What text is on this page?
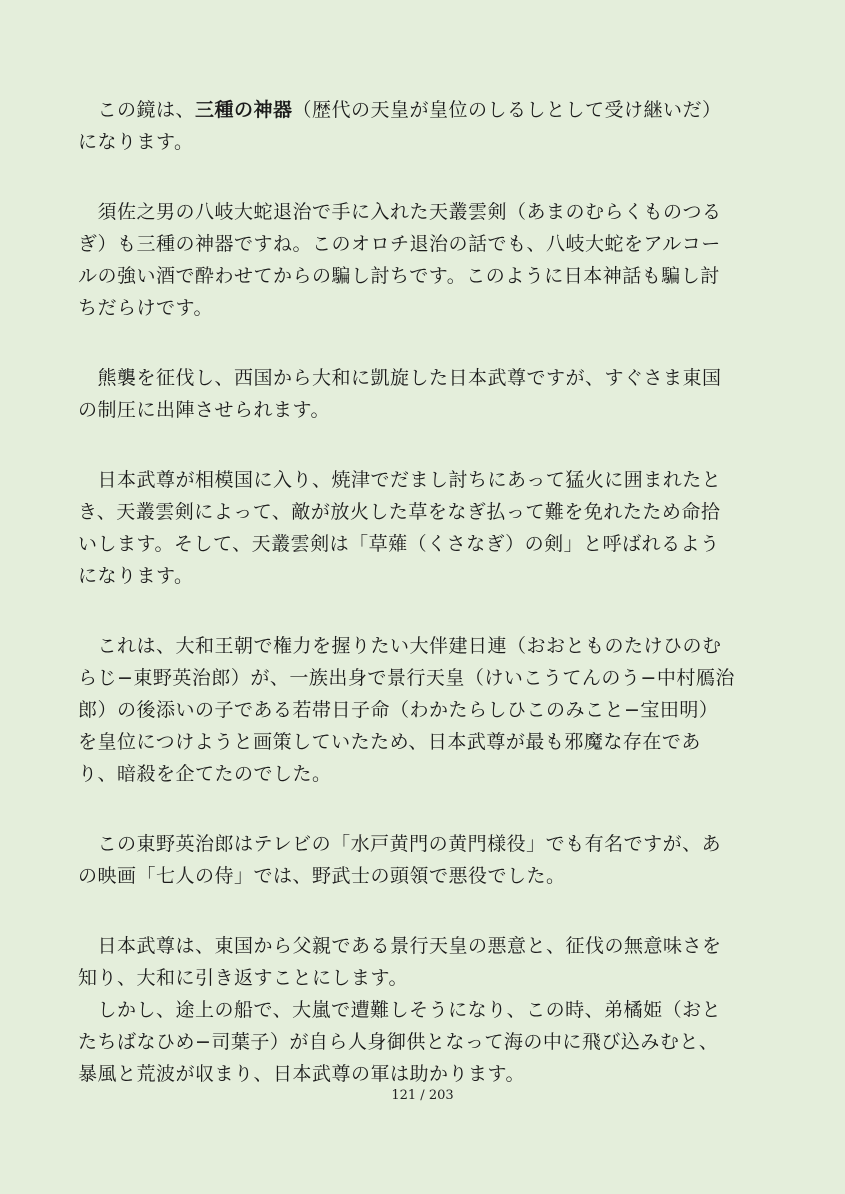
　この鏡は、三種の神器（歴代の天皇が皇位のしるしとして受け継いだ）
になります。
　須佐之男の八岐大蛇退治で手に入れた天叢雲剣（あまのむらくものつる
ぎ）も三種の神器ですね。このオロチ退治の話でも、八岐大蛇をアルコー
ルの強い酒で酔わせてからの騙し討ちです。このように日本神話も騙し討
ちだらけです。
　熊襲を征伐し、西国から大和に凱旋した日本武尊ですが、すぐさま東国
の制圧に出陣させられます。
　日本武尊が相模国に入り、焼津でだまし討ちにあって猛火に囲まれたと
き、天叢雲剣によって、敵が放火した草をなぎ払って難を免れたため命拾
いします。そして、天叢雲剣は「草薙（くさなぎ）の剣」と呼ばれるよう
になります。
　これは、大和王朝で権力を握りたい大伴建日連（おおとものたけひのむ
らじ−東野英治郎）が、一族出身で景行天皇（けいこうてんのう−中村鴈治
郎）の後添いの子である若帯日子命（わかたらしひこのみこと−宝田明）
を皇位につけようと画策していたため、日本武尊が最も邪魔な存在であ
り、暗殺を企てたのでした。
　この東野英治郎はテレビの「水戸黄門の黄門様役」でも有名ですが、あ
の映画「七人の侍」では、野武士の頭領で悪役でした。
　日本武尊は、東国から父親である景行天皇の悪意と、征伐の無意味さを
知り、大和に引き返すことにします。
　しかし、途上の船で、大嵐で遭難しそうになり、この時、弟橘姫（おと
たちばなひめ−司葉子）が自ら人身御供となって海の中に飛び込みむと、
暴風と荒波が収まり、日本武尊の軍は助かります。
121 / 203
